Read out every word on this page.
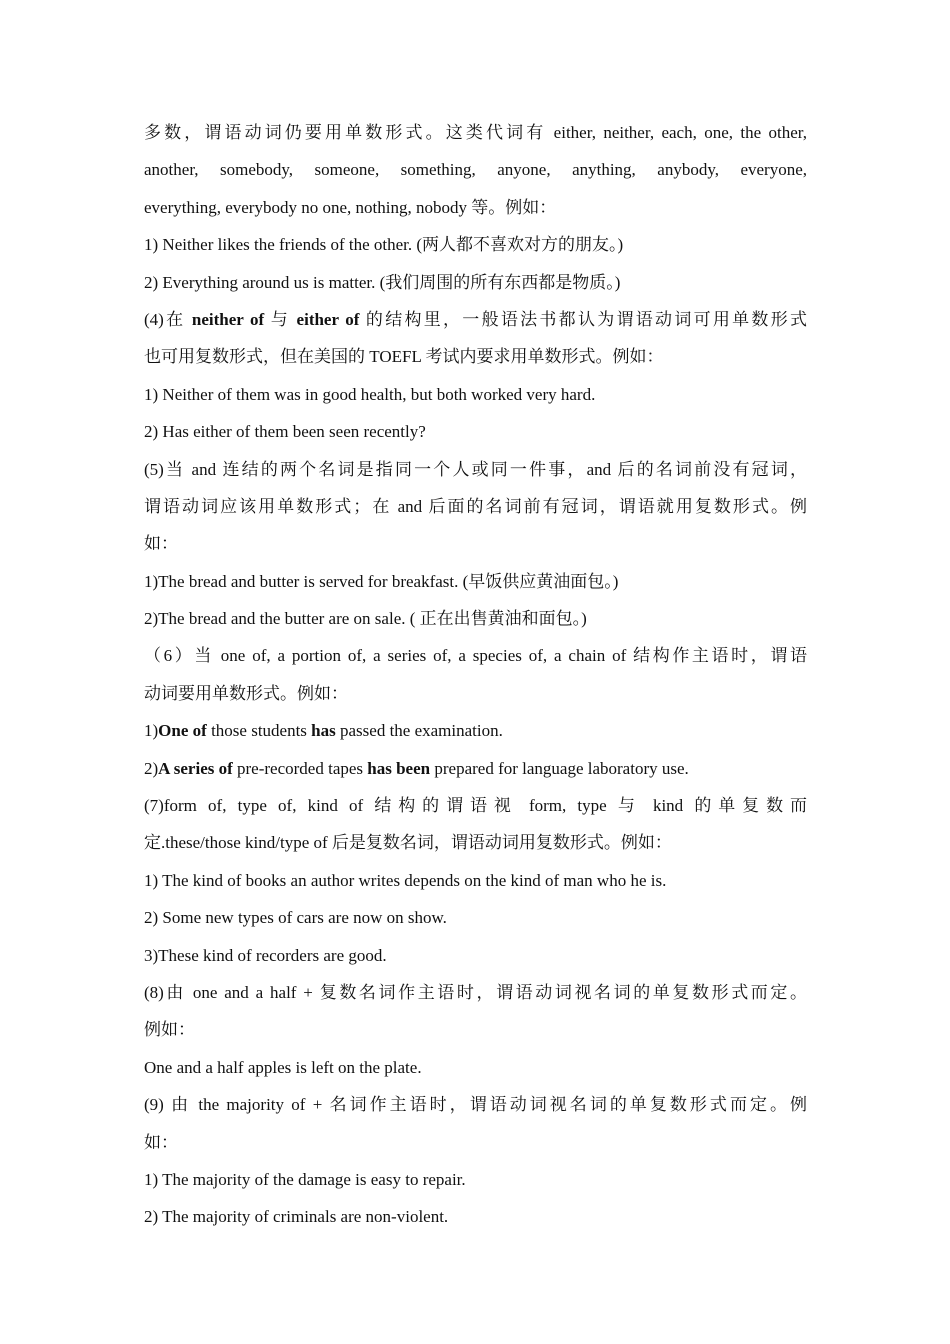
多数，谓语动词仍要用单数形式。这类代词有 either, neither, each, one, the other,
another, somebody, someone, something, anyone, anything, anybody, everyone,
everything, everybody no one, nothing, nobody 等。例如：
1) Neither likes the friends of the other. (两人都不喜欢对方的朋友。)
2) Everything around us is matter. (我们周围的所有东西都是物质。)
(4)在 neither of 与 either of 的结构里，一般语法书都认为谓语动词可用单数形式
也可用复数形式，但在美国的 TOEFL 考试内要求用单数形式。例如：
1) Neither of them was in good health, but both worked very hard.
2) Has either of them been seen recently?
(5)当 and 连结的两个名词是指同一个人或同一件事，and 后的名词前没有冠词，
谓语动词应该用单数形式；在 and 后面的名词前有冠词，谓语就用复数形式。例
如：
1)The bread and butter is served for breakfast. (早饭供应黄油面包。)
2)The bread and the butter are on sale. ( 正在出售黄油和面包。)
（6）当 one of, a portion of, a series of, a species of, a chain of 结构作主语时，谓语
动词要用单数形式。例如：
1)One of those students has passed the examination.
2)A series of pre-recorded tapes has been prepared for language laboratory use.
(7)form of, type of, kind of 结构的谓语视 form, type 与 kind 的单复数而
定.these/those kind/type of 后是复数名词，谓语动词用复数形式。例如：
1) The kind of books an author writes depends on the kind of man who he is.
2) Some new types of cars are now on show.
3)These kind of recorders are good.
(8)由 one and a half + 复数名词作主语时，谓语动词视名词的单复数形式而定。
例如：
One and a half apples is left on the plate.
(9) 由 the majority of + 名词作主语时，谓语动词视名词的单复数形式而定。例
如：
1) The majority of the damage is easy to repair.
2) The majority of criminals are non-violent.
